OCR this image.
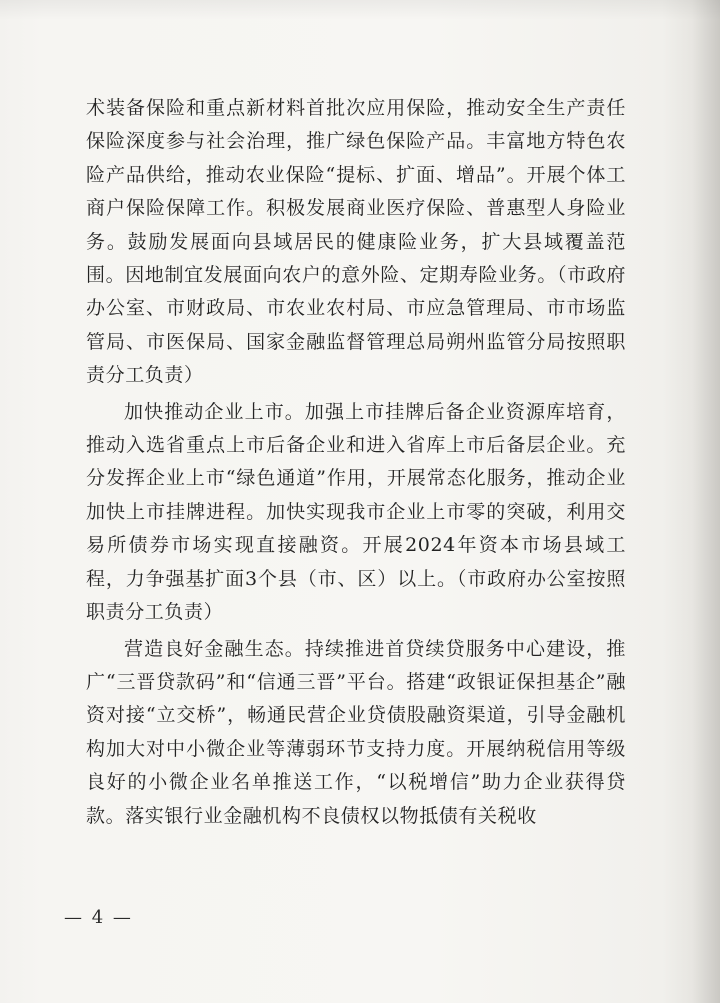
术装备保险和重点新材料首批次应用保险，推动安全生产责任保险深度参与社会治理，推广绿色保险产品。丰富地方特色农险产品供给，推动农业保险“提标、扩面、增品”。开展个体工商户保险保障工作。积极发展商业医疗保险、普惠型人身险业务。鼓励发展面向县域居民的健康险业务，扩大县域覆盖范围。因地制宜发展面向农户的意外险、定期寿险业务。（市政府办公室、市财政局、市农业农村局、市应急管理局、市市场监管局、市医保局、国家金融监督管理总局朔州监管分局按照职责分工负责）

加快推动企业上市。加强上市挂牌后备企业资源库培育，推动入选省重点上市后备企业和进入省库上市后备层企业。充分发挥企业上市“绿色通道”作用，开展常态化服务，推动企业加快上市挂牌进程。加快实现我市企业上市零的突破，利用交易所债券市场实现直接融资。开展2024年资本市场县域工程，力争强基扩面3个县（市、区）以上。（市政府办公室按照职责分工负责）

营造良好金融生态。持续推进首贷续贷服务中心建设，推广“三晋贷款码”和“信通三晋”平台。搭建“政银证保担基企”融资对接“立交桥”，畅通民营企业贷债股融资渠道，引导金融机构加大对中小微企业等薄弱环节支持力度。开展纳税信用等级良好的小微企业名单推送工作，“以税增信”助力企业获得贷款。落实银行业金融机构不良债权以物抵债有关税收

— 4 —
